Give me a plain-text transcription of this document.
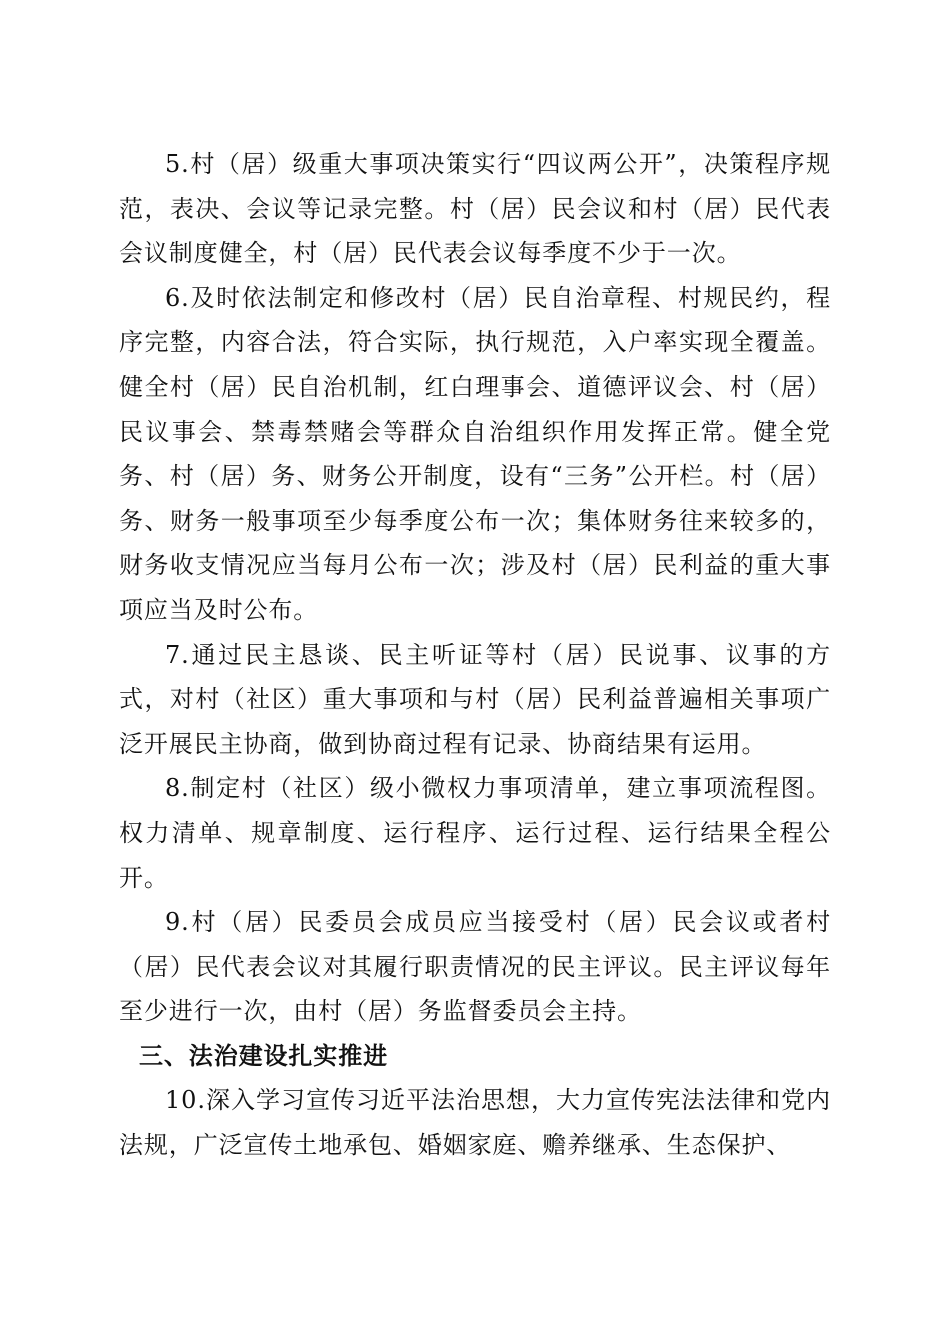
5.村（居）级重大事项决策实行“四议两公开”，决策程序规范，表决、会议等记录完整。村（居）民会议和村（居）民代表会议制度健全，村（居）民代表会议每季度不少于一次。

6.及时依法制定和修改村（居）民自治章程、村规民约，程序完整，内容合法，符合实际，执行规范，入户率实现全覆盖。健全村（居）民自治机制，红白理事会、道德评议会、村（居）民议事会、禁毒禁赌会等群众自治组织作用发挥正常。健全党务、村（居）务、财务公开制度，设有“三务”公开栏。村（居）务、财务一般事项至少每季度公布一次；集体财务往来较多的，财务收支情况应当每月公布一次；涉及村（居）民利益的重大事项应当及时公布。

7.通过民主恳谈、民主听证等村（居）民说事、议事的方式，对村（社区）重大事项和与村（居）民利益普遍相关事项广泛开展民主协商，做到协商过程有记录、协商结果有运用。

8.制定村（社区）级小微权力事项清单，建立事项流程图。权力清单、规章制度、运行程序、运行过程、运行结果全程公开。

9.村（居）民委员会成员应当接受村（居）民会议或者村（居）民代表会议对其履行职责情况的民主评议。民主评议每年至少进行一次，由村（居）务监督委员会主持。

三、法治建设扎实推进

10.深入学习宣传习近平法治思想，大力宣传宪法法律和党内法规，广泛宣传土地承包、婚姻家庭、赡养继承、生态保护、
